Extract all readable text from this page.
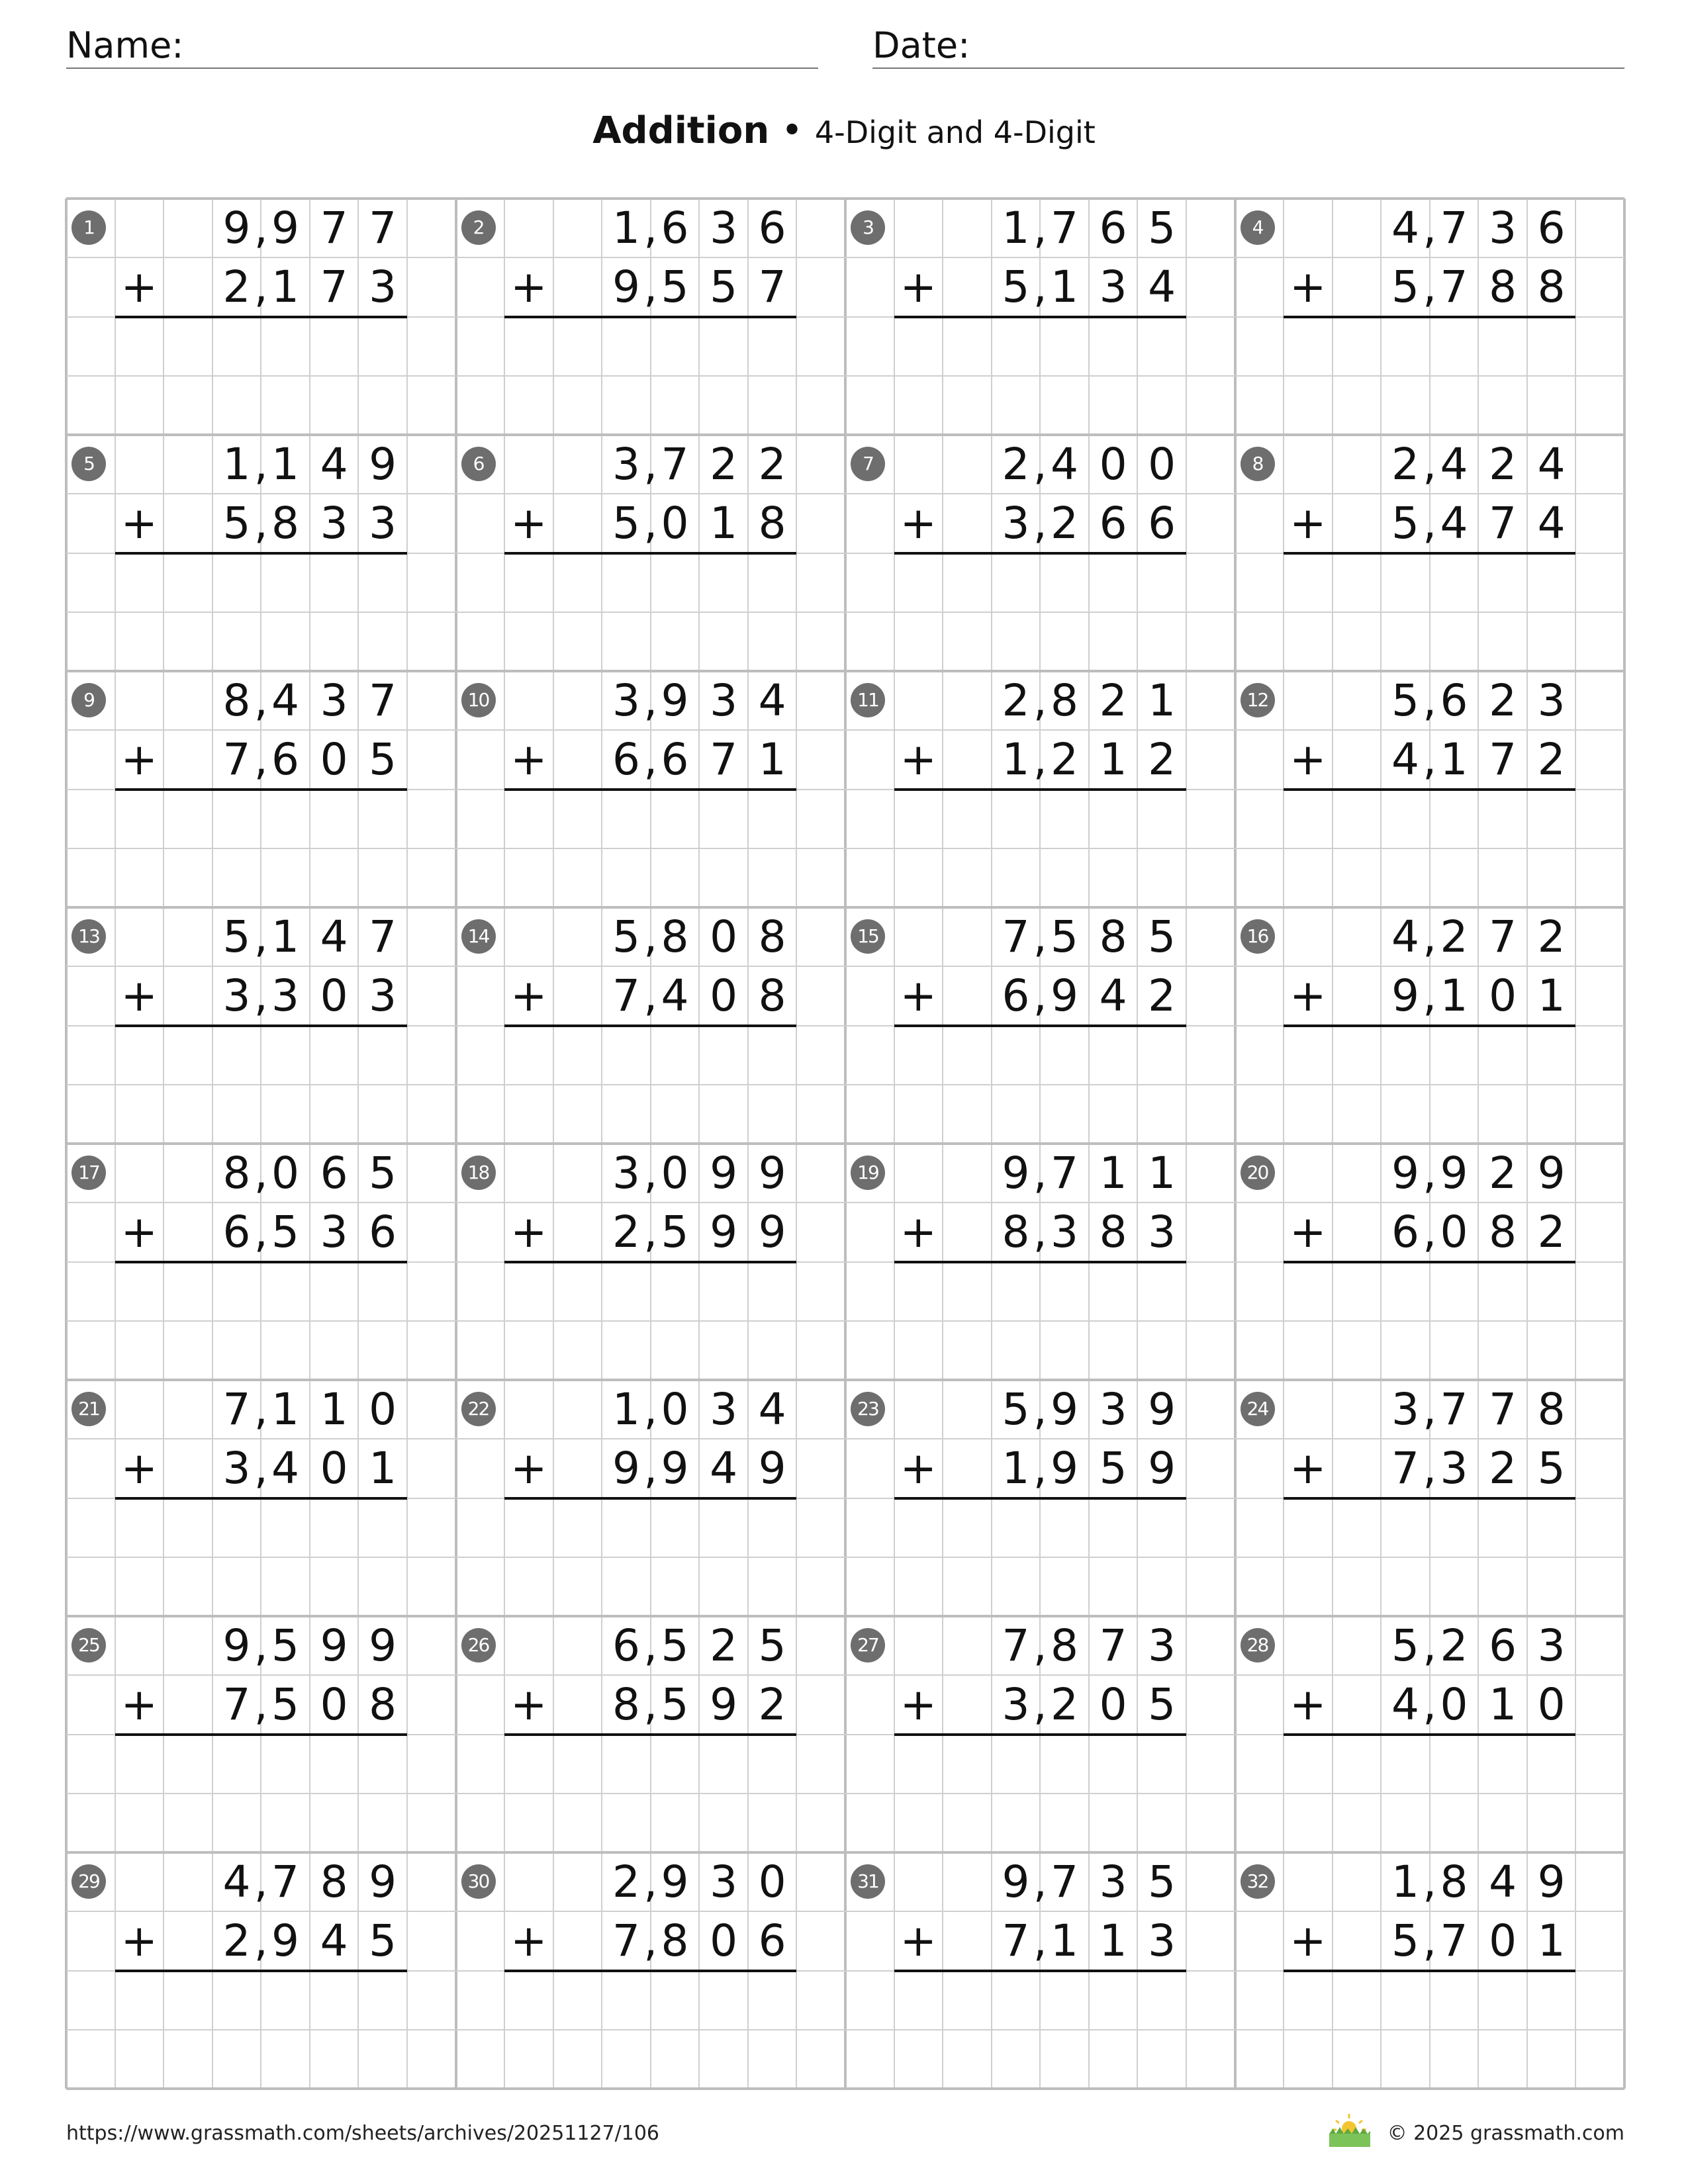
Name:	Date:
Addition • 4-Digit and 4-Digit
1	9 , 9 7 7
+ 2 , 1 7 3
2	1 , 6 3 6
+ 9 , 5 5 7
3	1 , 7 6 5
+ 5 , 1 3 4
4	4 , 7 3 6
+ 5 , 7 8 8
5	1 , 1 4 9
+ 5 , 8 3 3
6	3 , 7 2 2
+ 5 , 0 1 8
7	2 , 4 0 0
+ 3 , 2 6 6
8	2 , 4 2 4
+ 5 , 4 7 4
9	8 , 4 3 7
+ 7 , 6 0 5
10	3 , 9 3 4
+ 6 , 6 7 1
11	2 , 8 2 1
+ 1 , 2 1 2
12	5 , 6 2 3
+ 4 , 1 7 2
13	5 , 1 4 7
+ 3 , 3 0 3
14	5 , 8 0 8
+ 7 , 4 0 8
15	7 , 5 8 5
+ 6 , 9 4 2
16	4 , 2 7 2
+ 9 , 1 0 1
17	8 , 0 6 5
+ 6 , 5 3 6
18	3 , 0 9 9
+ 2 , 5 9 9
19	9 , 7 1 1
+ 8 , 3 8 3
20	9 , 9 2 9
+ 6 , 0 8 2
21	7 , 1 1 0
+ 3 , 4 0 1
22	1 , 0 3 4
+ 9 , 9 4 9
23	5 , 9 3 9
+ 1 , 9 5 9
24	3 , 7 7 8
+ 7 , 3 2 5
25	9 , 5 9 9
+ 7 , 5 0 8
26	6 , 5 2 5
+ 8 , 5 9 2
27	7 , 8 7 3
+ 3 , 2 0 5
28	5 , 2 6 3
+ 4 , 0 1 0
29	4 , 7 8 9
+ 2 , 9 4 5
30	2 , 9 3 0
+ 7 , 8 0 6
31	9 , 7 3 5
+ 7 , 1 1 3
32	1 , 8 4 9
+ 5 , 7 0 1
https://www.grassmath.com/sheets/archives/20251127/106	© 2025 grassmath.com
